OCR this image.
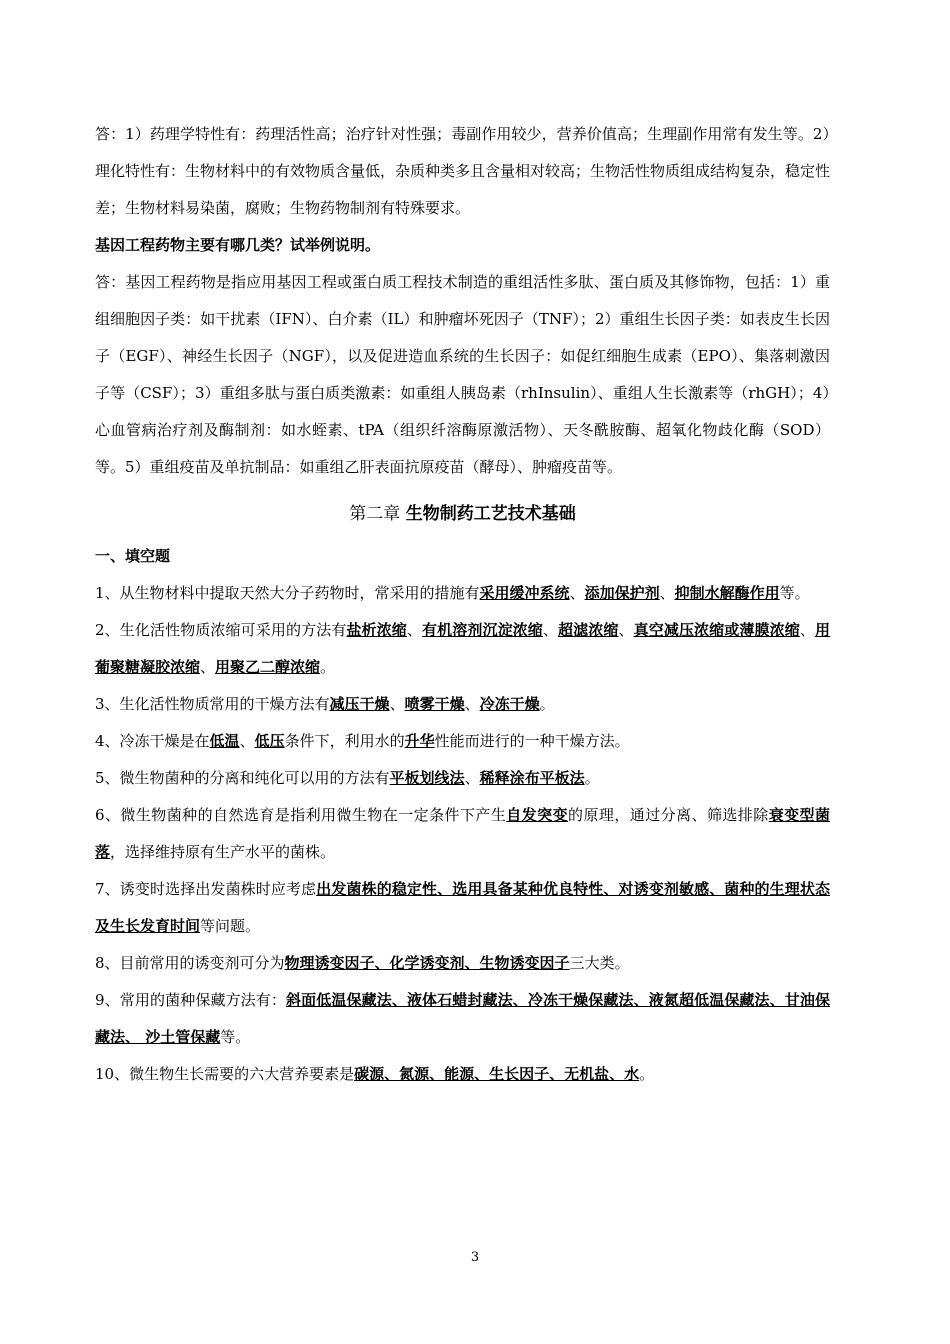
答：1）药理学特性有：药理活性高；治疗针对性强；毒副作用较少，营养价值高；生理副作用常有发生等。2）理化特性有：生物材料中的有效物质含量低，杂质种类多且含量相对较高；生物活性物质组成结构复杂，稳定性差；生物材料易染菌，腐败；生物药物制剂有特殊要求。

基因工程药物主要有哪几类？试举例说明。

答：基因工程药物是指应用基因工程或蛋白质工程技术制造的重组活性多肽、蛋白质及其修饰物，包括：1）重组细胞因子类：如干扰素（IFN）、白介素（IL）和肿瘤坏死因子（TNF）；2）重组生长因子类：如表皮生长因子（EGF）、神经生长因子（NGF），以及促进造血系统的生长因子：如促红细胞生成素（EPO）、集落刺激因子等（CSF）；3）重组多肽与蛋白质类激素：如重组人胰岛素（rhInsulin）、重组人生长激素等（rhGH）；4）心血管病治疗剂及酶制剂：如水蛭素、tPA（组织纤溶酶原激活物）、天冬酰胺酶、超氧化物歧化酶（SOD）等。5）重组疫苗及单抗制品：如重组乙肝表面抗原疫苗（酵母）、肿瘤疫苗等。

第二章 生物制药工艺技术基础

一、填空题

1、从生物材料中提取天然大分子药物时，常采用的措施有采用缓冲系统、添加保护剂、抑制水解酶作用等。

2、生化活性物质浓缩可采用的方法有盐析浓缩、有机溶剂沉淀浓缩、超滤浓缩、真空减压浓缩或薄膜浓缩、用葡聚糖凝胶浓缩、用聚乙二醇浓缩。

3、生化活性物质常用的干燥方法有减压干燥、喷雾干燥、冷冻干燥。

4、冷冻干燥是在低温、低压条件下，利用水的升华性能而进行的一种干燥方法。

5、微生物菌种的分离和纯化可以用的方法有平板划线法、稀释涂布平板法。

6、微生物菌种的自然选育是指利用微生物在一定条件下产生自发突变的原理，通过分离、筛选排除衰变型菌落，选择维持原有生产水平的菌株。

7、诱变时选择出发菌株时应考虑出发菌株的稳定性、选用具备某种优良特性、对诱变剂敏感、菌种的生理状态及生长发育时间等问题。

8、目前常用的诱变剂可分为物理诱变因子、化学诱变剂、生物诱变因子三大类。

9、常用的菌种保藏方法有：斜面低温保藏法、液体石蜡封藏法、冷冻干燥保藏法、液氮超低温保藏法、甘油保藏法、 沙土管保藏等。

10、微生物生长需要的六大营养要素是碳源、氮源、能源、生长因子、无机盐、水。

3
